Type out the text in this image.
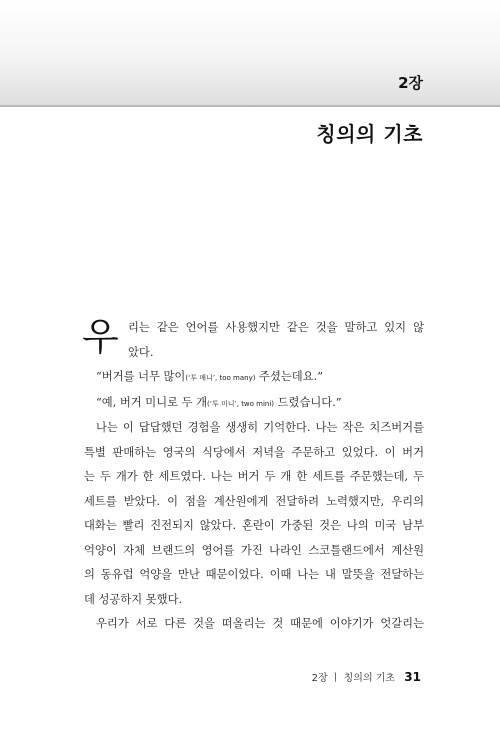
2장
칭의의 기초
우 리는 같은 언어를 사용했지만 같은 것을 말하고 있지 않
았다.

“버거를 너무 많이(‘투 매니’, too many) 주셨는데요.”

“예, 버거 미니로 두 개(‘투 미니’, two mini) 드렸습니다.”

나는 이 답답했던 경험을 생생히 기억한다. 나는 작은 치즈버거를
특별 판매하는 영국의 식당에서 저녁을 주문하고 있었다. 이 버거
는 두 개가 한 세트였다. 나는 버거 두 개 한 세트를 주문했는데, 두
세트를 받았다. 이 점을 계산원에게 전달하려 노력했지만, 우리의
대화는 빨리 진전되지 않았다. 혼란이 가중된 것은 나의 미국 남부
억양이 자체 브랜드의 영어를 가진 나라인 스코틀랜드에서 계산원
의 동유럽 억양을 만난 때문이었다. 이때 나는 내 말뜻을 전달하는
데 성공하지 못했다.

우리가 서로 다른 것을 떠올리는 것 때문에 이야기가 엇갈리는

2장 ㅣ 칭의의 기초 31
